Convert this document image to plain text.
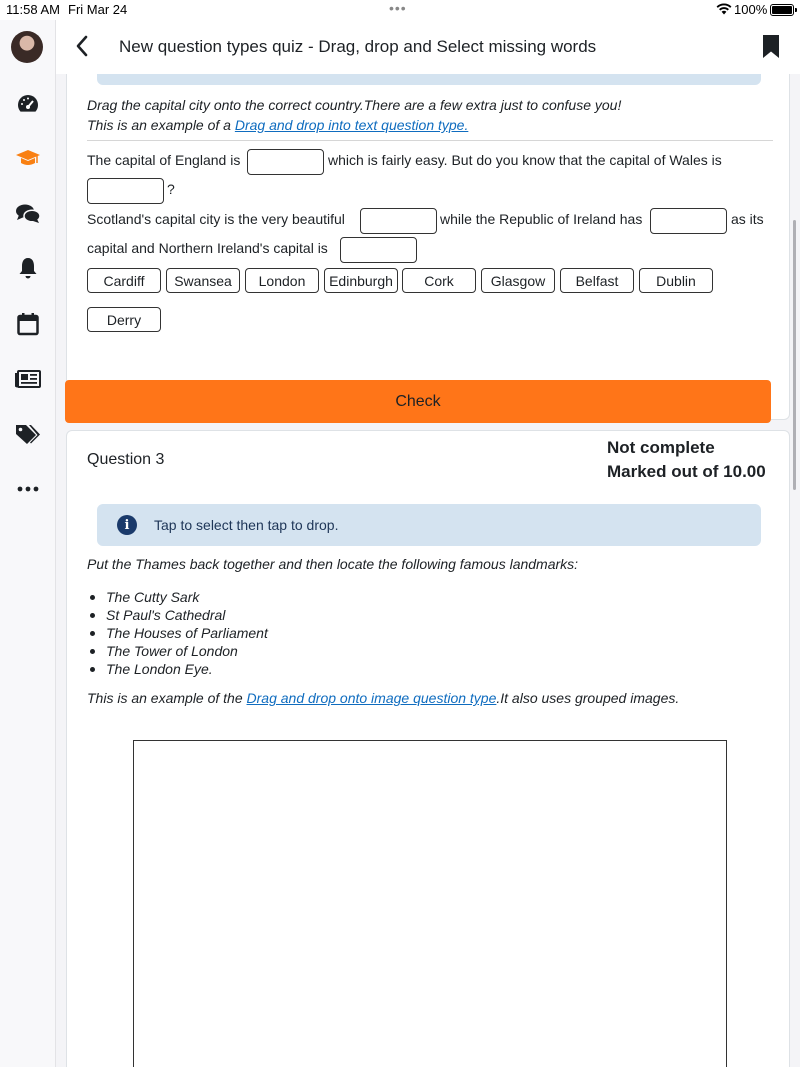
11:58 AM Fri Mar 24	•••	100%
New question types quiz - Drag, drop and Select missing words
Drag the capital city onto the correct country.There are a few extra just to confuse you!
This is an example of a Drag and drop into text question type.
The capital of England is	which is fairly easy. But do you know that the capital of Wales is
?
Scotland's capital city is the very beautiful	while the Republic of Ireland has	as its
capital and Northern Ireland's capital is
Cardiff	Swansea	London	Edinburgh	Cork	Glasgow	Belfast	Dublin
Derry
Check
Question 3
Not complete
Marked out of 10.00
i	Tap to select then tap to drop.
Put the Thames back together and then locate the following famous landmarks:
The Cutty Sark
St Paul's Cathedral
The Houses of Parliament
The Tower of London
The London Eye.
This is an example of the Drag and drop onto image question type.It also uses grouped images.
